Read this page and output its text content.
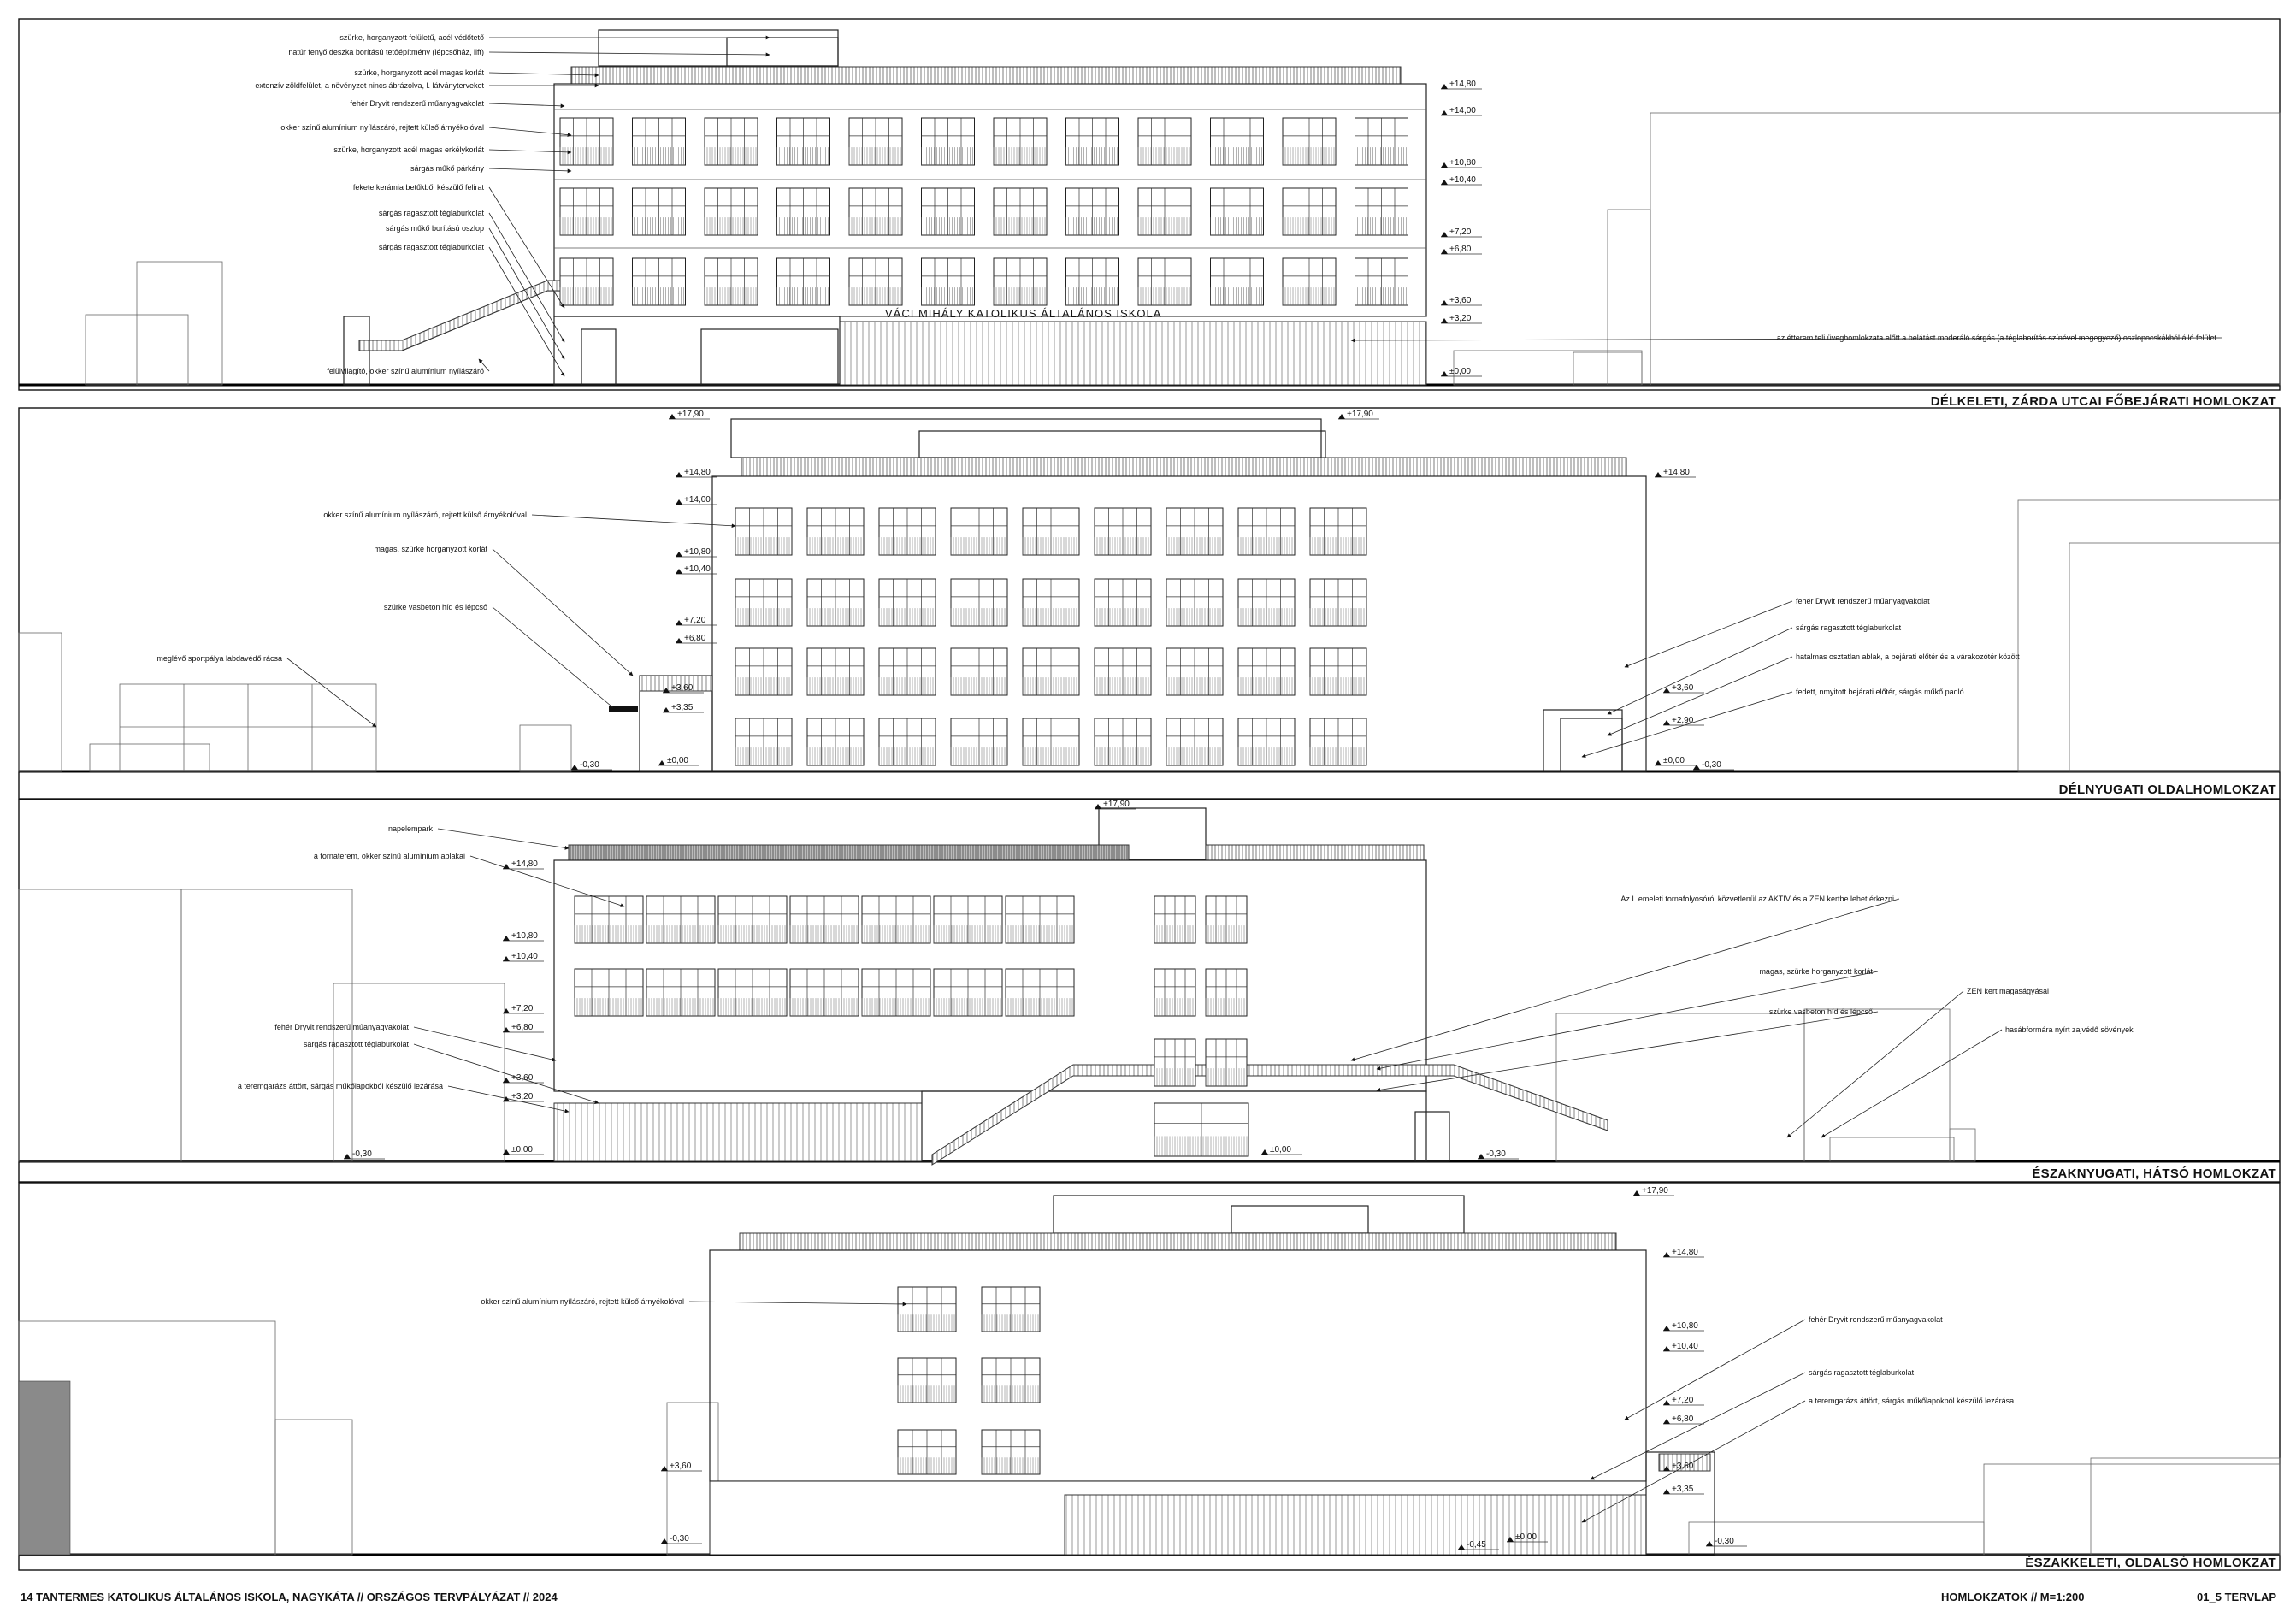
szürke, horganyzott felületű, acél védőtető
natúr fenyő deszka borítású tetőépítmény (lépcsőház, lift)
szürke, horganyzott acél magas korlát
extenzív zöldfelület, a növényzet nincs ábrázolva, l. látványterveket
fehér Dryvit rendszerű műanyagvakolat
okker színű alumínium nyílászáró, rejtett külső árnyékolóval
szürke, horganyzott acél magas erkélykorlát
sárgás műkő párkány
fekete kerámia betűkből készülő felirat
sárgás ragasztott téglaburkolat
sárgás műkő borítású oszlop
sárgás ragasztott téglaburkolat
felülvilágító, okker színű alumínium nyílászáró
az étterem teli üveghomlokzata előtt a belátást moderáló sárgás (a téglaborítás színével megegyező) oszlopocskákból álló felület
DÉLKELETI, ZÁRDA UTCAI FŐBEJÁRATI HOMLOKZAT
VÁCI MIHÁLY KATOLIKUS ÁLTALÁNOS ISKOLA
okker színű alumínium nyílászáró, rejtett külső árnyékolóval
magas, szürke horganyzott korlát
szürke vasbeton híd és lépcső
meglévő sportpálya labdavédő rácsa
fehér Dryvit rendszerű műanyagvakolat
sárgás ragasztott téglaburkolat
hatalmas osztatlan ablak, a bejárati előtér és a várakozótér között
fedett, nmyitott bejárati előtér, sárgás műkő padló
DÉLNYUGATI OLDALHOMLOKZAT
napelempark
a tornaterem, okker színű alumínium ablakai
Az I. emeleti tornafolyosóról közvetlenül az AKTÍV és a ZEN kertbe lehet érkezni
magas, szürke horganyzott korlát
szürke vasbeton híd és lépcső
fehér Dryvit rendszerű műanyagvakolat
sárgás ragasztott téglaburkolat
a teremgarázs áttört, sárgás műkőlapokból készülő lezárása
ZEN kert magaságyásai
hasábformára nyírt zajvédő sövények
ÉSZAKNYUGATI, HÁTSÓ HOMLOKZAT
okker színű alumínium nyílászáró, rejtett külső árnyékolóval
fehér Dryvit rendszerű műanyagvakolat
sárgás ragasztott téglaburkolat
a teremgarázs áttört, sárgás műkőlapokból készülő lezárása
ÉSZAKKELETI, OLDALSÓ HOMLOKZAT
14 TANTERMES KATOLIKUS ÁLTALÁNOS ISKOLA, NAGYKÁTA // ORSZÁGOS TERVPÁLYÁZAT // 2024	HOMLOKZATOK // M=1:200	01_5 TERVLAP
+14,80
+14,00
+10,80
+10,40
+7,20
+6,80
+3,60
+3,20
±0,00
+17,90	+17,90
+14,80	+14,80
+14,00
+10,80
+10,40
+7,20
+6,80
+3,60
+3,35
+3,60
+2,90
-0,30	±0,00	±0,00 -0,30
+17,90
+14,80
+10,80
+10,40
+7,20
+6,80
+3,60
+3,20
-0,30	±0,00	±0,00	-0,30
+17,90
+14,80
+10,80
+10,40
+7,20
+6,80
+3,60
+3,35
+3,60
-0,30
-0,45
±0,00	-0,30
